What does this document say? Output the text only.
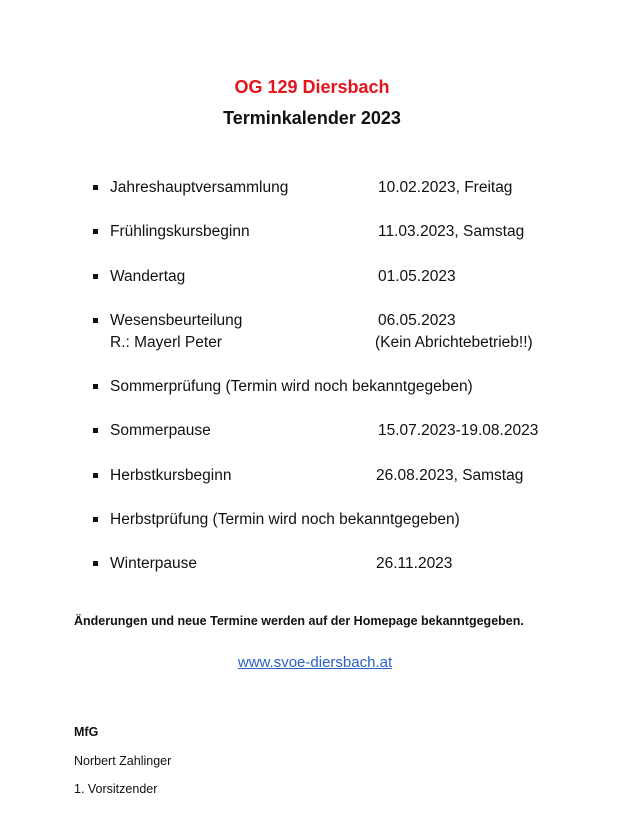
OG 129 Diersbach
Terminkalender 2023
Jahreshauptversammlung	10.02.2023, Freitag
Frühlingskursbeginn	11.03.2023, Samstag
Wandertag	01.05.2023
Wesensbeurteilung	06.05.2023
R.: Mayerl Peter	(Kein Abrichtebetrieb!!)
Sommerprüfung (Termin wird noch bekanntgegeben)
Sommerpause	15.07.2023-19.08.2023
Herbstkursbeginn	26.08.2023, Samstag
Herbstprüfung (Termin wird noch bekanntgegeben)
Winterpause	26.11.2023
Änderungen und neue Termine werden auf der Homepage bekanntgegeben.
www.svoe-diersbach.at
MfG
Norbert Zahlinger
1. Vorsitzender
